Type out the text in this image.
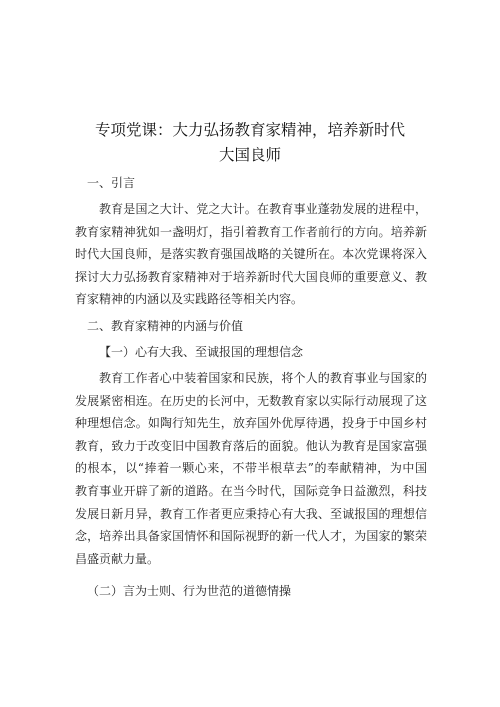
专项党课：大力弘扬教育家精神，培养新时代
大国良师

一、引言

教育是国之大计、党之大计。在教育事业蓬勃发展的进程中，
教育家精神犹如一盏明灯，指引着教育工作者前行的方向。培养新
时代大国良师，是落实教育强国战略的关键所在。本次党课将深入
探讨大力弘扬教育家精神对于培养新时代大国良师的重要意义、教
育家精神的内涵以及实践路径等相关内容。

二、教育家精神的内涵与价值

【一）心有大我、至诚报国的理想信念

教育工作者心中装着国家和民族，将个人的教育事业与国家的
发展紧密相连。在历史的长河中，无数教育家以实际行动展现了这
种理想信念。如陶行知先生，放弃国外优厚待遇，投身于中国乡村
教育，致力于改变旧中国教育落后的面貌。他认为教育是国家富强
的根本，以“捧着一颗心来，不带半根草去”的奉献精神，为中国
教育事业开辟了新的道路。在当今时代，国际竞争日益激烈，科技
发展日新月异，教育工作者更应秉持心有大我、至诚报国的理想信
念，培养出具备家国情怀和国际视野的新一代人才，为国家的繁荣
昌盛贡献力量。

（二）言为士则、行为世范的道德情操
